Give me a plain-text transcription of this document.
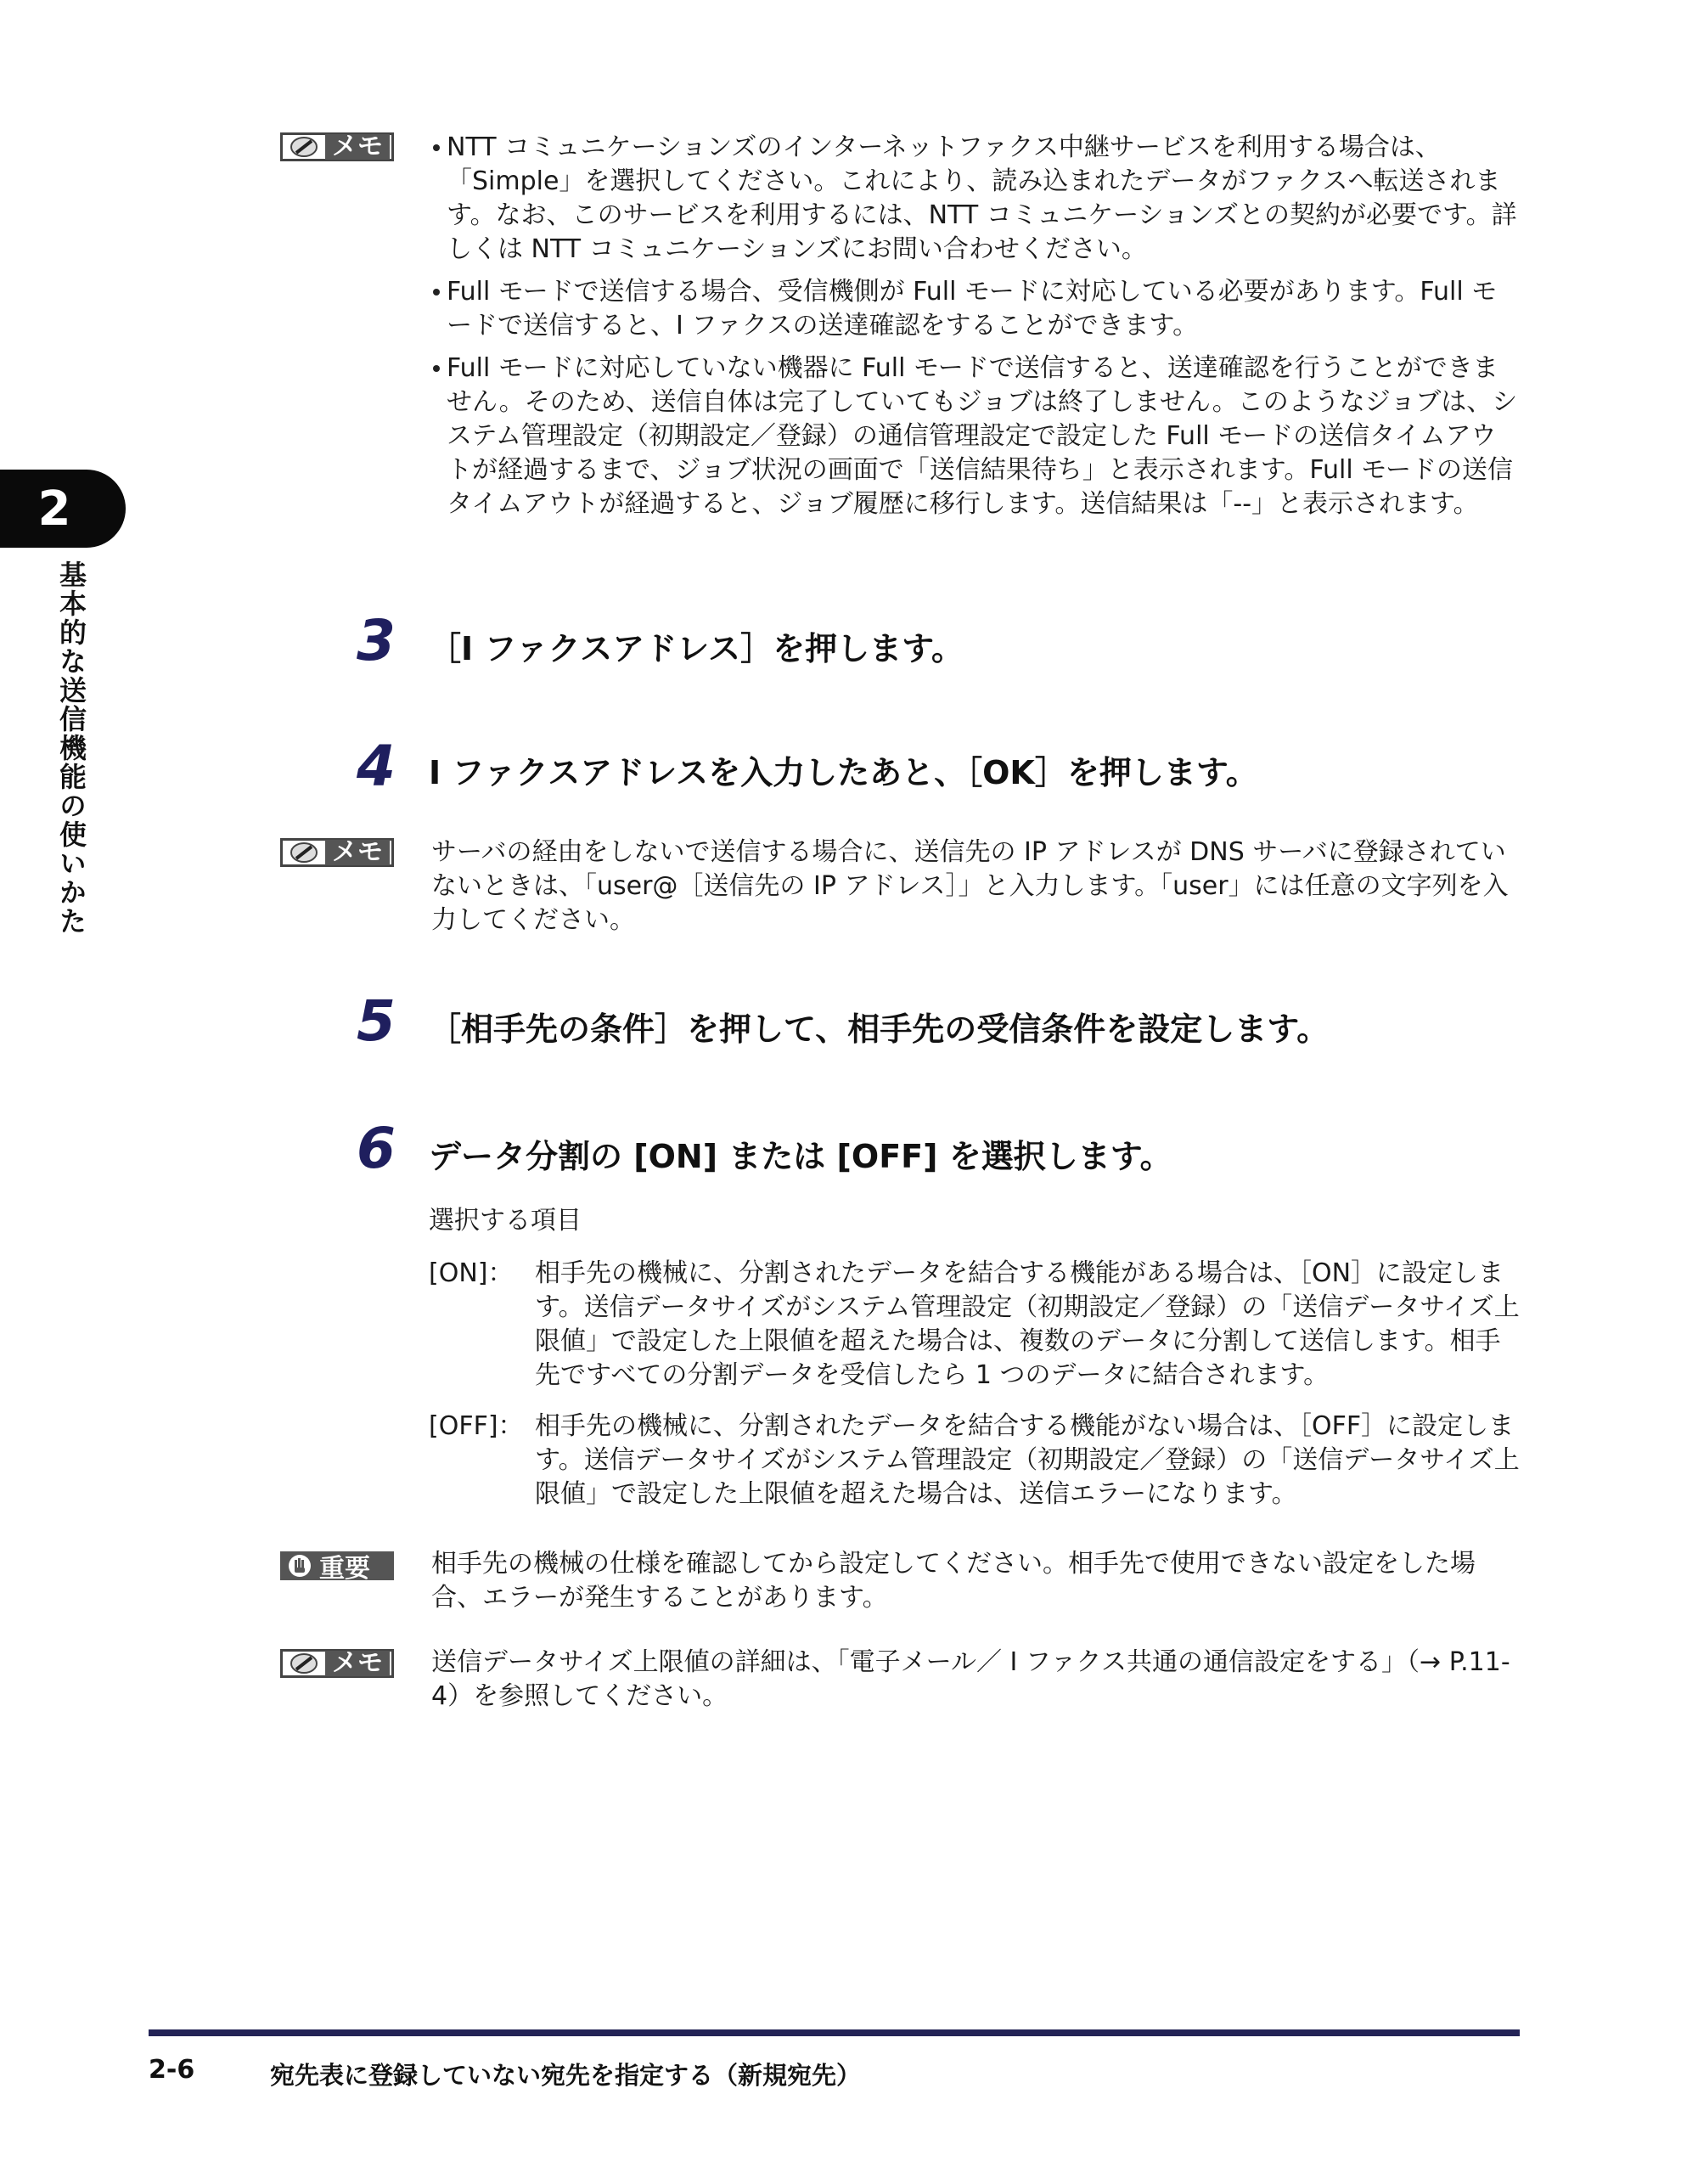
2
基本的な送信機能の使いかた
メモ	NTT コミュニケーションズのインターネットファクス中継サービスを利用する場合は、「Simple」を選択してください。これにより、読み込まれたデータがファクスへ転送されます。なお、このサービスを利用するには、NTT コミュニケーションズとの契約が必要です。詳しくは NTT コミュニケーションズにお問い合わせください。
Full モードで送信する場合、受信機側が Full モードに対応している必要があります。Full モードで送信すると、I ファクスの送達確認をすることができます。
Full モードに対応していない機器に Full モードで送信すると、送達確認を行うことができません。そのため、送信自体は完了していてもジョブは終了しません。このようなジョブは、システム管理設定（初期設定／登録）の通信管理設定で設定した Full モードの送信タイムアウトが経過するまで、ジョブ状況の画面で「送信結果待ち」と表示されます。Full モードの送信タイムアウトが経過すると、ジョブ履歴に移行します。送信結果は「--」と表示されます。
3 ［I ファクスアドレス］を押します。
4 I ファクスアドレスを入力したあと、［OK］を押します。
メモ サーバの経由をしないで送信する場合に、送信先の IP アドレスが DNS サーバに登録されていないときは、「user@［送信先の IP アドレス］」と入力します。「user」には任意の文字列を入力してください。

5 ［相手先の条件］を押して、相手先の受信条件を設定します。
6 データ分割の [ON] または [OFF] を選択します。
選択する項目
[ON]： 相手先の機械に、分割されたデータを結合する機能がある場合は、［ON］に設定します。送信データサイズがシステム管理設定（初期設定／登録）の「送信データサイズ上限値」で設定した上限値を超えた場合は、複数のデータに分割して送信します。相手先ですべての分割データを受信したら 1 つのデータに結合されます。
[OFF]： 相手先の機械に、分割されたデータを結合する機能がない場合は、［OFF］に設定します。送信データサイズがシステム管理設定（初期設定／登録）の「送信データサイズ上限値」で設定した上限値を超えた場合は、送信エラーになります。
重要 相手先の機械の仕様を確認してから設定してください。相手先で使用できない設定をした場合、エラーが発生することがあります。

メモ 送信データサイズ上限値の詳細は、「電子メール／ I ファクス共通の通信設定をする」（→ P.11-4）を参照してください。

2-6	宛先表に登録していない宛先を指定する（新規宛先）
